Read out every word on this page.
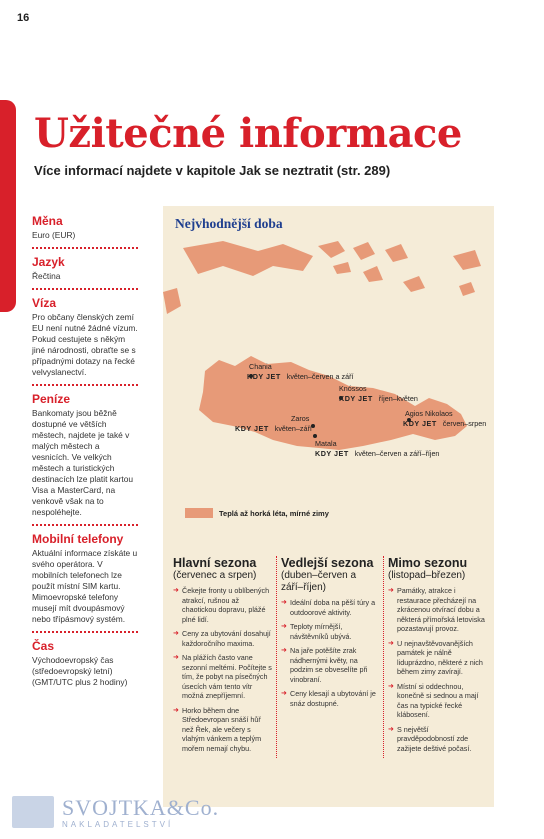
16
Užitečné informace
Více informací najdete v kapitole Jak se neztratit (str. 289)
Měna
Euro (EUR)
Jazyk
Řečtina
Víza
Pro občany členských zemí EU není nutné žádné vízum. Pokud cestujete s někým jiné národnosti, obraťte se s případnými dotazy na řecké velvyslanectví.
Peníze
Bankomaty jsou běžně dostupné ve větších městech, najdete je také v malých městech a vesnicích. Ve velkých městech a turistických destinacích lze platit kartou Visa a MasterCard, na venkově však na to nespoléhejte.
Mobilní telefony
Aktuální informace získáte u svého operátora. V mobilních telefonech lze použít místní SIM kartu. Mimoevropské telefony musejí mít dvoupásmový nebo třípásmový systém.
Čas
Východoevropský čas (středoevropský letní) (GMT/UTC plus 2 hodiny)
Nejvhodnější doba
Chania
KDY JET květen–červen a září
Knóssos
KDY JET říjen–květen
Agios Nikolaos
KDY JET červen–srpen
Zaros
KDY JET květen–září
Matala
KDY JET květen–červen a září–říjen
Teplá až horká léta, mírné zimy
Hlavní sezona
(červenec a srpen)
➜ Čekejte fronty u oblíbených atrakcí, rušnou až chaotickou dopravu, plážé plné lidí.
➜ Ceny za ubytování dosahují každoročního maxima.
➜ Na plážích často vane sezonní meltémi. Počítejte s tím, že pobyt na písečných úsecích vám tento vítr možná znepříjemní.
➜ Horko během dne Středoevropan snáší hůř než Řek, ale večery s vlahým vánkem a teplým mořem nemají chybu.
Vedlejší sezona
(duben–červen a září–říjen)
➜ Ideální doba na pěší túry a outdoorové aktivity.
➜ Teploty mírnější, návštěvníků ubývá.
➜ Na jaře potěšíte zrak nádhernými květy, na podzim se obveselíte při vinobraní.
➜ Ceny klesají a ubytování je snáz dostupné.
Mimo sezonu
(listopad–březen)
➜ Památky, atrakce i restaurace přecházejí na zkrácenou otvírací dobu a některá přímořská letoviska pozastavují provoz.
➜ U nejnavštěvovanějších památek je nálně liduprázdno, některé z nich během zimy zavírají.
➜ Místní si oddechnou, konečně si sednou a mají čas na typické řecké klábosení.
➜ S největší pravděpodobností zde zažijete deštivé počasí.
SVOJTKA&Co.
NAKLADATELSTVÍ
